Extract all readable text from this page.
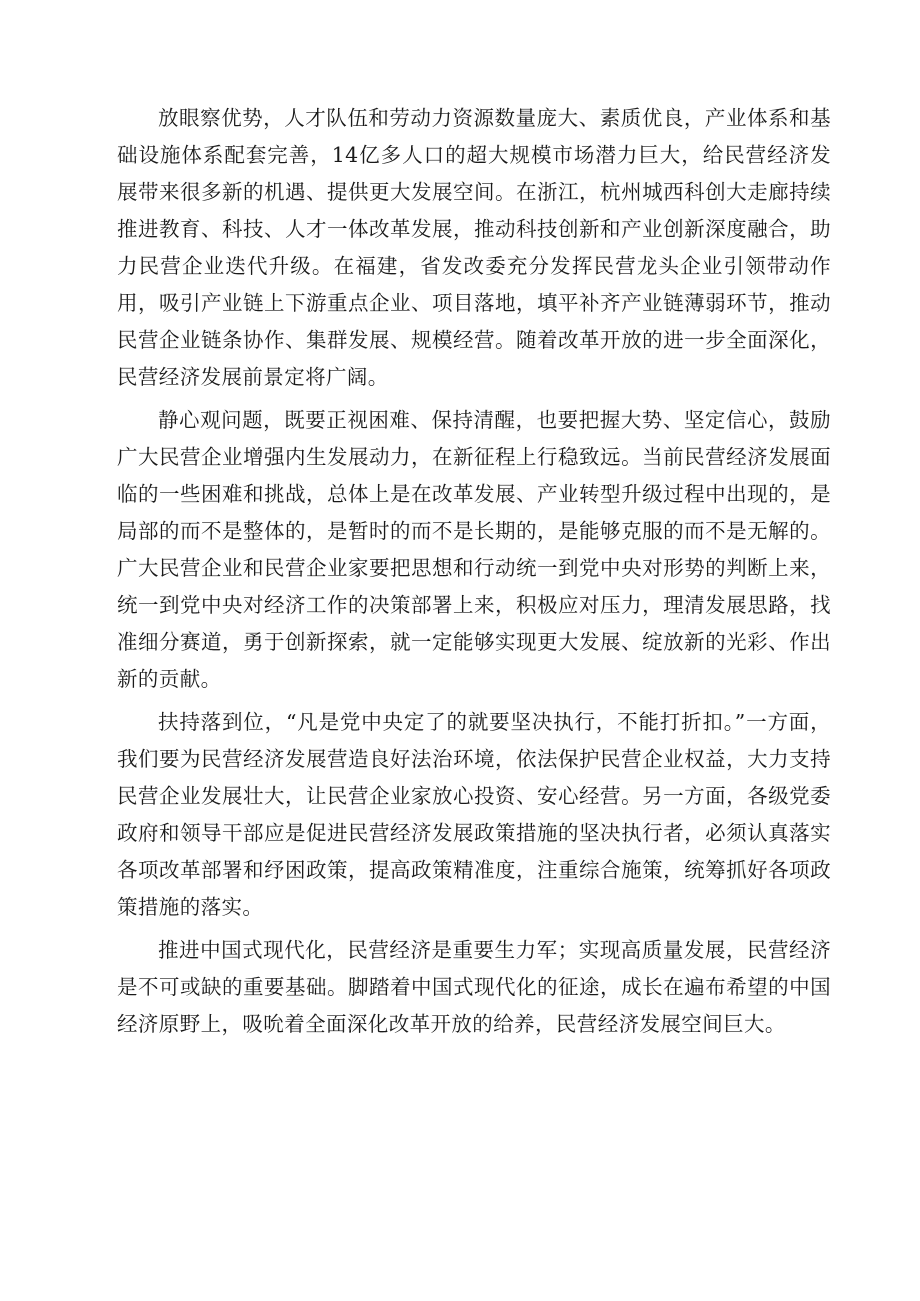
放眼察优势，人才队伍和劳动力资源数量庞大、素质优良，产业体系和基础设施体系配套完善，14亿多人口的超大规模市场潜力巨大，给民营经济发展带来很多新的机遇、提供更大发展空间。在浙江，杭州城西科创大走廊持续推进教育、科技、人才一体改革发展，推动科技创新和产业创新深度融合，助力民营企业迭代升级。在福建，省发改委充分发挥民营龙头企业引领带动作用，吸引产业链上下游重点企业、项目落地，填平补齐产业链薄弱环节，推动民营企业链条协作、集群发展、规模经营。随着改革开放的进一步全面深化，民营经济发展前景定将广阔。

静心观问题，既要正视困难、保持清醒，也要把握大势、坚定信心，鼓励广大民营企业增强内生发展动力，在新征程上行稳致远。当前民营经济发展面临的一些困难和挑战，总体上是在改革发展、产业转型升级过程中出现的，是局部的而不是整体的，是暂时的而不是长期的，是能够克服的而不是无解的。广大民营企业和民营企业家要把思想和行动统一到党中央对形势的判断上来，统一到党中央对经济工作的决策部署上来，积极应对压力，理清发展思路，找准细分赛道，勇于创新探索，就一定能够实现更大发展、绽放新的光彩、作出新的贡献。

扶持落到位，“凡是党中央定了的就要坚决执行，不能打折扣。”一方面，我们要为民营经济发展营造良好法治环境，依法保护民营企业权益，大力支持民营企业发展壮大，让民营企业家放心投资、安心经营。另一方面，各级党委政府和领导干部应是促进民营经济发展政策措施的坚决执行者，必须认真落实各项改革部署和纾困政策，提高政策精准度，注重综合施策，统筹抓好各项政策措施的落实。

推进中国式现代化，民营经济是重要生力军；实现高质量发展，民营经济是不可或缺的重要基础。脚踏着中国式现代化的征途，成长在遍布希望的中国经济原野上，吸吮着全面深化改革开放的给养，民营经济发展空间巨大。
